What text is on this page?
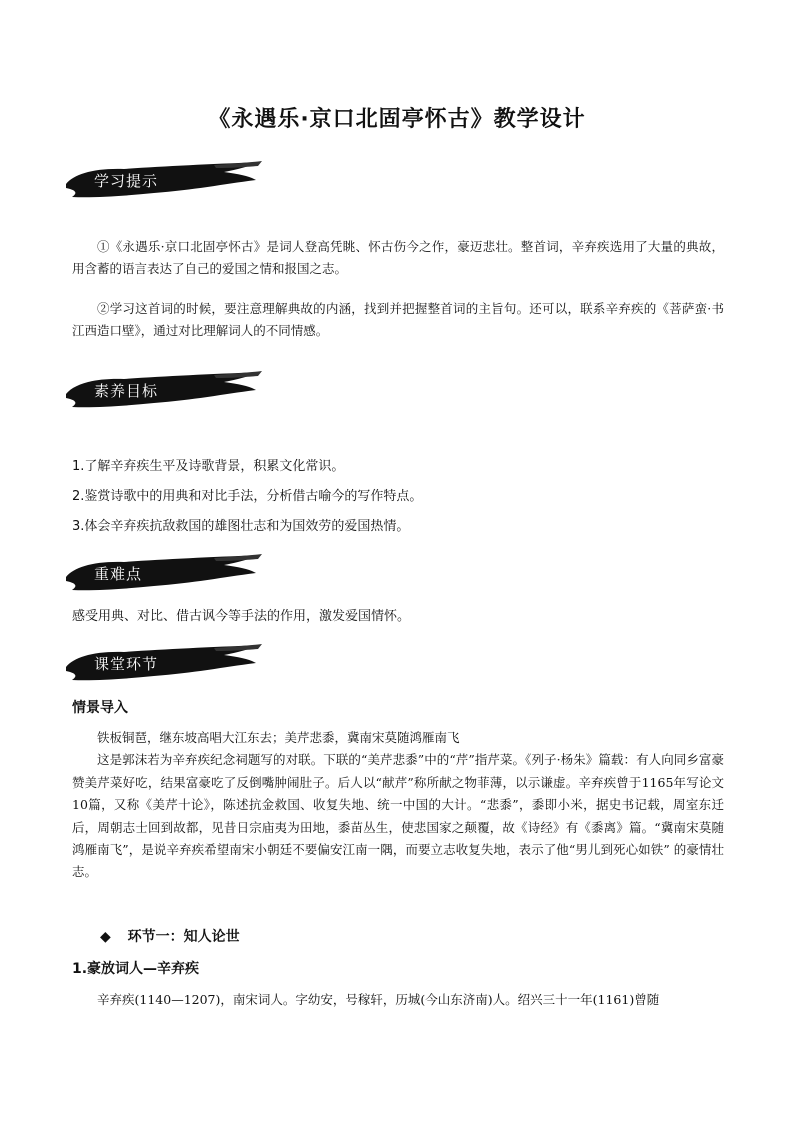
《永遇乐·京口北固亭怀古》教学设计
学习提示
①《永遇乐·京口北固亭怀古》是词人登高凭眺、怀古伤今之作，豪迈悲壮。整首词，辛弃疾选用了大量的典故，用含蓄的语言表达了自己的爱国之情和报国之志。
②学习这首词的时候，要注意理解典故的内涵，找到并把握整首词的主旨句。还可以，联系辛弃疾的《菩萨蛮·书江西造口壁》，通过对比理解词人的不同情感。
素养目标
1.了解辛弃疾生平及诗歌背景，积累文化常识。
2.鉴赏诗歌中的用典和对比手法，分析借古喻今的写作特点。
3.体会辛弃疾抗敌救国的雄图壮志和为国效劳的爱国热情。
重难点
感受用典、对比、借古讽今等手法的作用，激发爱国情怀。
课堂环节
情景导入

铁板铜琶，继东坡高唱大江东去；美芹悲黍，冀南宋莫随鸿雁南飞

这是郭沫若为辛弃疾纪念祠题写的对联。下联的“美芹悲黍”中的“芹”指芹菜。《列子·杨朱》篇载：有人向同乡富豪赞美芹菜好吃，结果富豪吃了反倒嘴肿闹肚子。后人以“献芹”称所献之物菲薄，以示谦虚。辛弃疾曾于1165年写论文10篇，又称《美芹十论》，陈述抗金救国、收复失地、统一中国的大计。“悲黍”，黍即小米，据史书记载，周室东迁后，周朝志士回到故都，见昔日宗庙夷为田地，黍苗丛生，使悲国家之颠覆，故《诗经》有《黍离》篇。“冀南宋莫随鸿雁南飞”，是说辛弃疾希望南宋小朝廷不要偏安江南一隅，而要立志收复失地，表示了他“男儿到死心如铁” 的豪情壮志。

◆ 环节一：知人论世
1.豪放词人—辛弃疾
辛弃疾(1140—1207)，南宋词人。字幼安，号稼轩，历城(今山东济南)人。绍兴三十一年(1161)曾随
